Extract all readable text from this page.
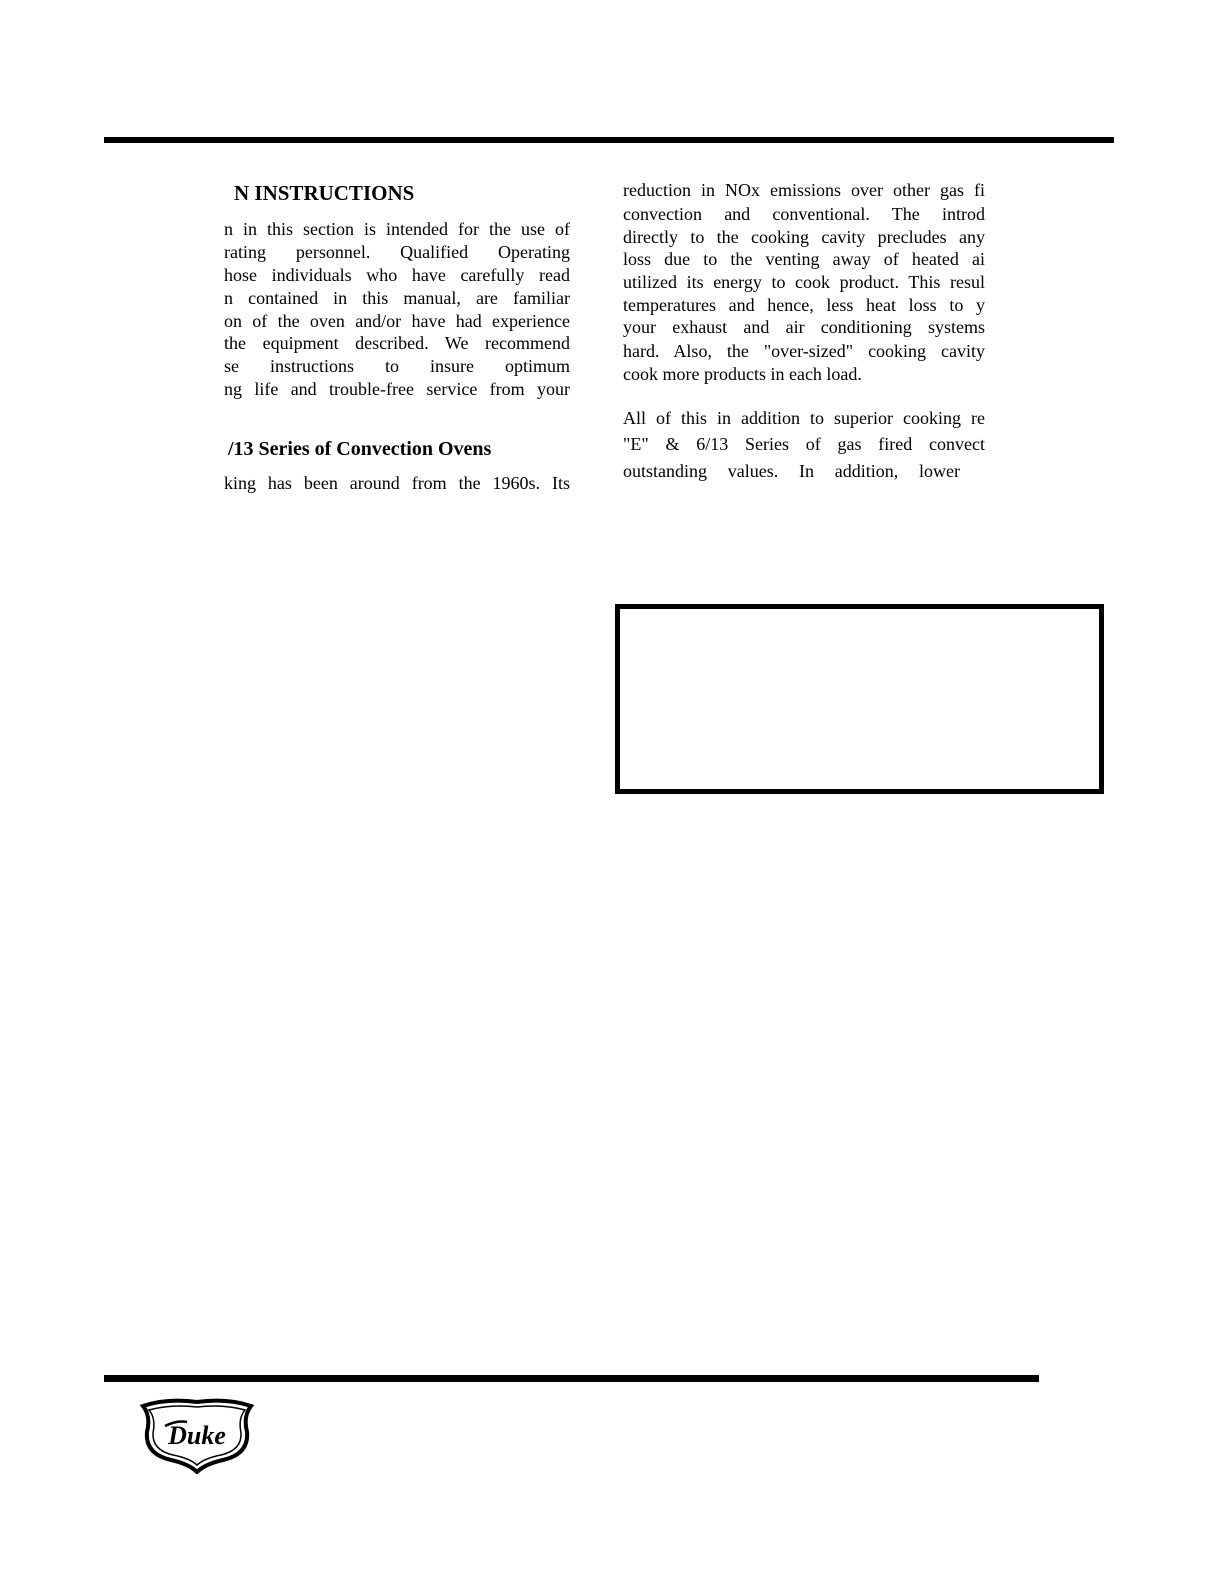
N INSTRUCTIONS
n in this section is intended for the use of
rating personnel. Qualified Operating
hose individuals who have carefully read
n contained in this manual, are familiar
on of the oven and/or have had experience
the equipment described. We recommend
se instructions to insure optimum
ng life and trouble-free service from your
/13 Series of Convection Ovens
king has been around from the 1960s. Its
reduction in NOx emissions over other gas fi
convection and conventional. The introd
directly to the cooking cavity precludes any
loss due to the venting away of heated ai
utilized its energy to cook product. This resul
temperatures and hence, less heat loss to y
your exhaust and air conditioning systems
hard. Also, the "over-sized" cooking cavity
cook more products in each load.
All of this in addition to superior cooking re
"E" & 6/13 Series of gas fired convect
outstanding values. In addition, lower
Duke
